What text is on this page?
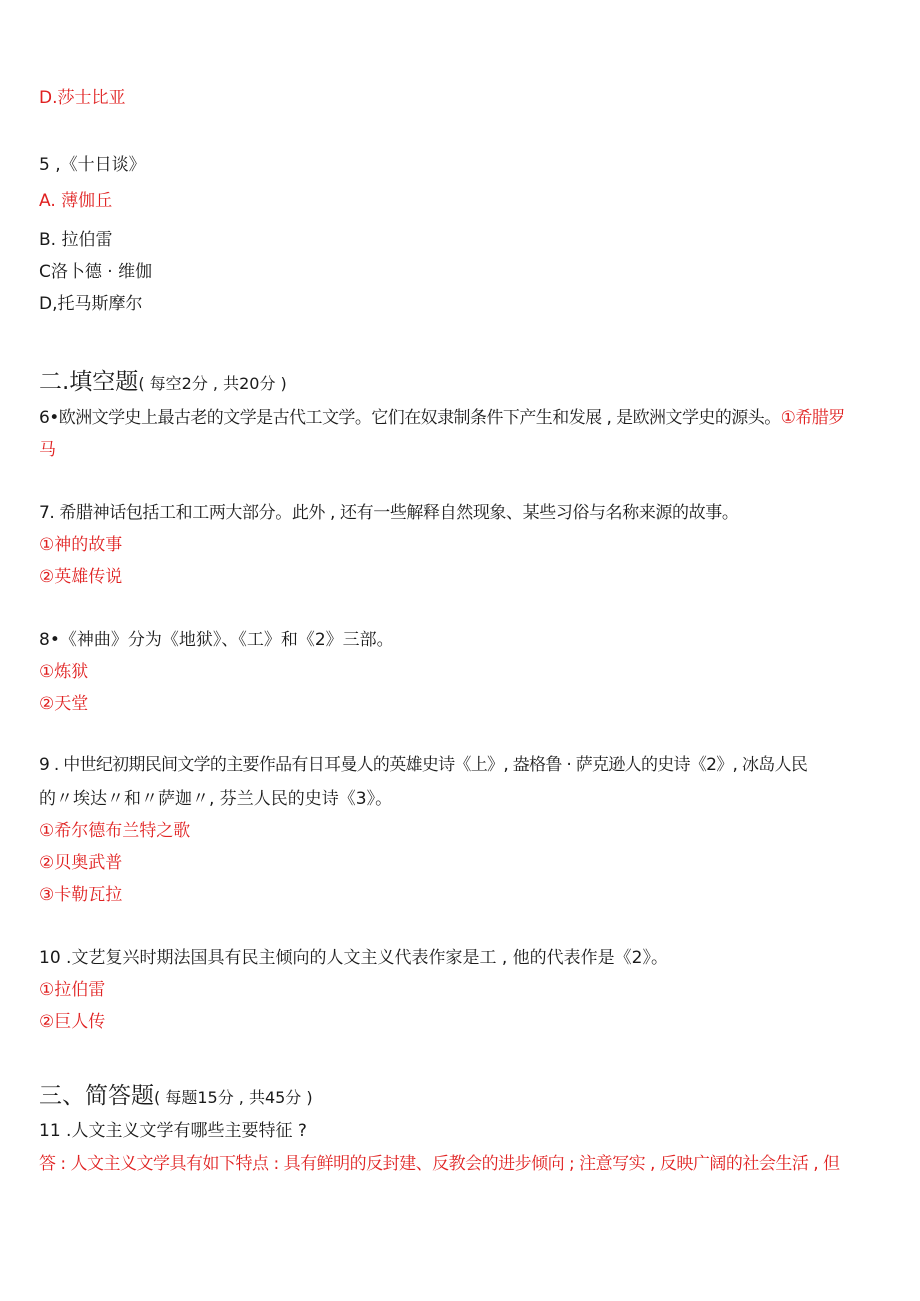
D.莎士比亚
5 ,《十日谈》
A. 薄伽丘
B. 拉伯雷
C洛卜德 · 维伽
D,托马斯摩尔
二.填空题( 每空2分 , 共20分 )
6•欧洲文学史上最古老的文学是古代工文学。它们在奴隶制条件下产生和发展 , 是欧洲文学史的源头。①希腊罗
马
7. 希腊神话包括工和工两大部分。此外 , 还有一些解释自然现象、某些习俗与名称来源的故事。
①神的故事
②英雄传说
8•《神曲》分为《地狱》、《工》和《2》三部。
①炼狱
②天堂
9 . 中世纪初期民间文学的主要作品有日耳曼人的英雄史诗《上》, 盎格鲁 · 萨克逊人的史诗《2》, 冰岛人民
的〃埃达〃和〃萨迦〃, 芬兰人民的史诗《3》。
①希尔德布兰特之歌
②贝奥武普
③卡勒瓦拉
10 .文艺复兴时期法国具有民主倾向的人文主义代表作家是工 , 他的代表作是《2》。
①拉伯雷
②巨人传
三、简答题( 每题15分 , 共45分 )
11 .人文主义文学有哪些主要特征 ?
答 : 人文主义文学具有如下特点 : 具有鲜明的反封建、反教会的进步倾向 ; 注意写实 , 反映广阔的社会生活 , 但
